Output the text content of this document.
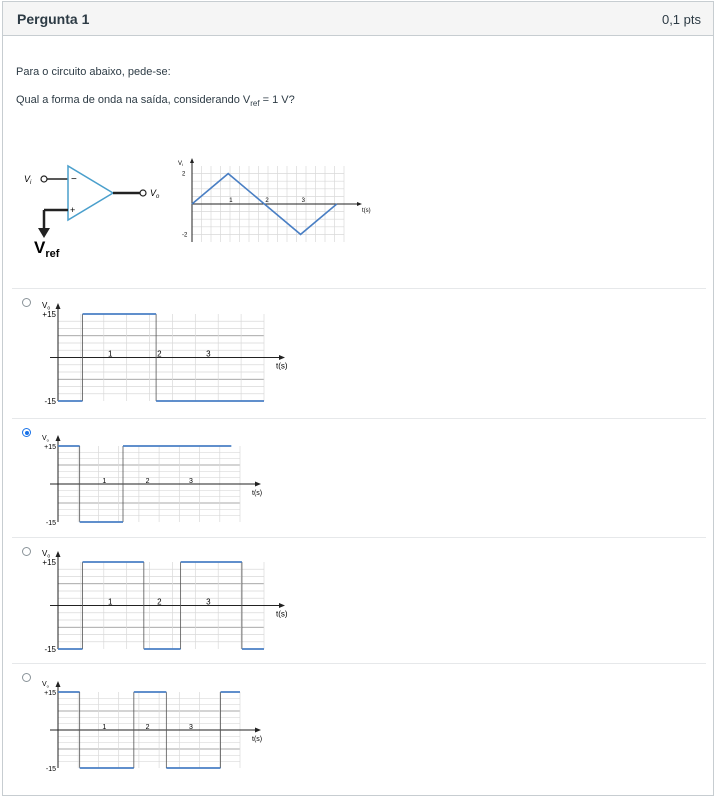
Pergunta 1	0,1 pts
Para o circuito abaixo, pede-se:
Qual a forma de onda na saída, considerando $V_{ref} = 1$ V?
$V_i$	−
+
$V_o$
$V_{ref}$
Vi
t(s)
1	2	3
2
-2
Vo
+15
-15
t(s)
1	2	3
$V_o$
+15
-15
t(s)
1	2	3
Vo
+15
-15
t(s)
1	2	3
$V_o$
+15
-15
t(s)
1	2	3
